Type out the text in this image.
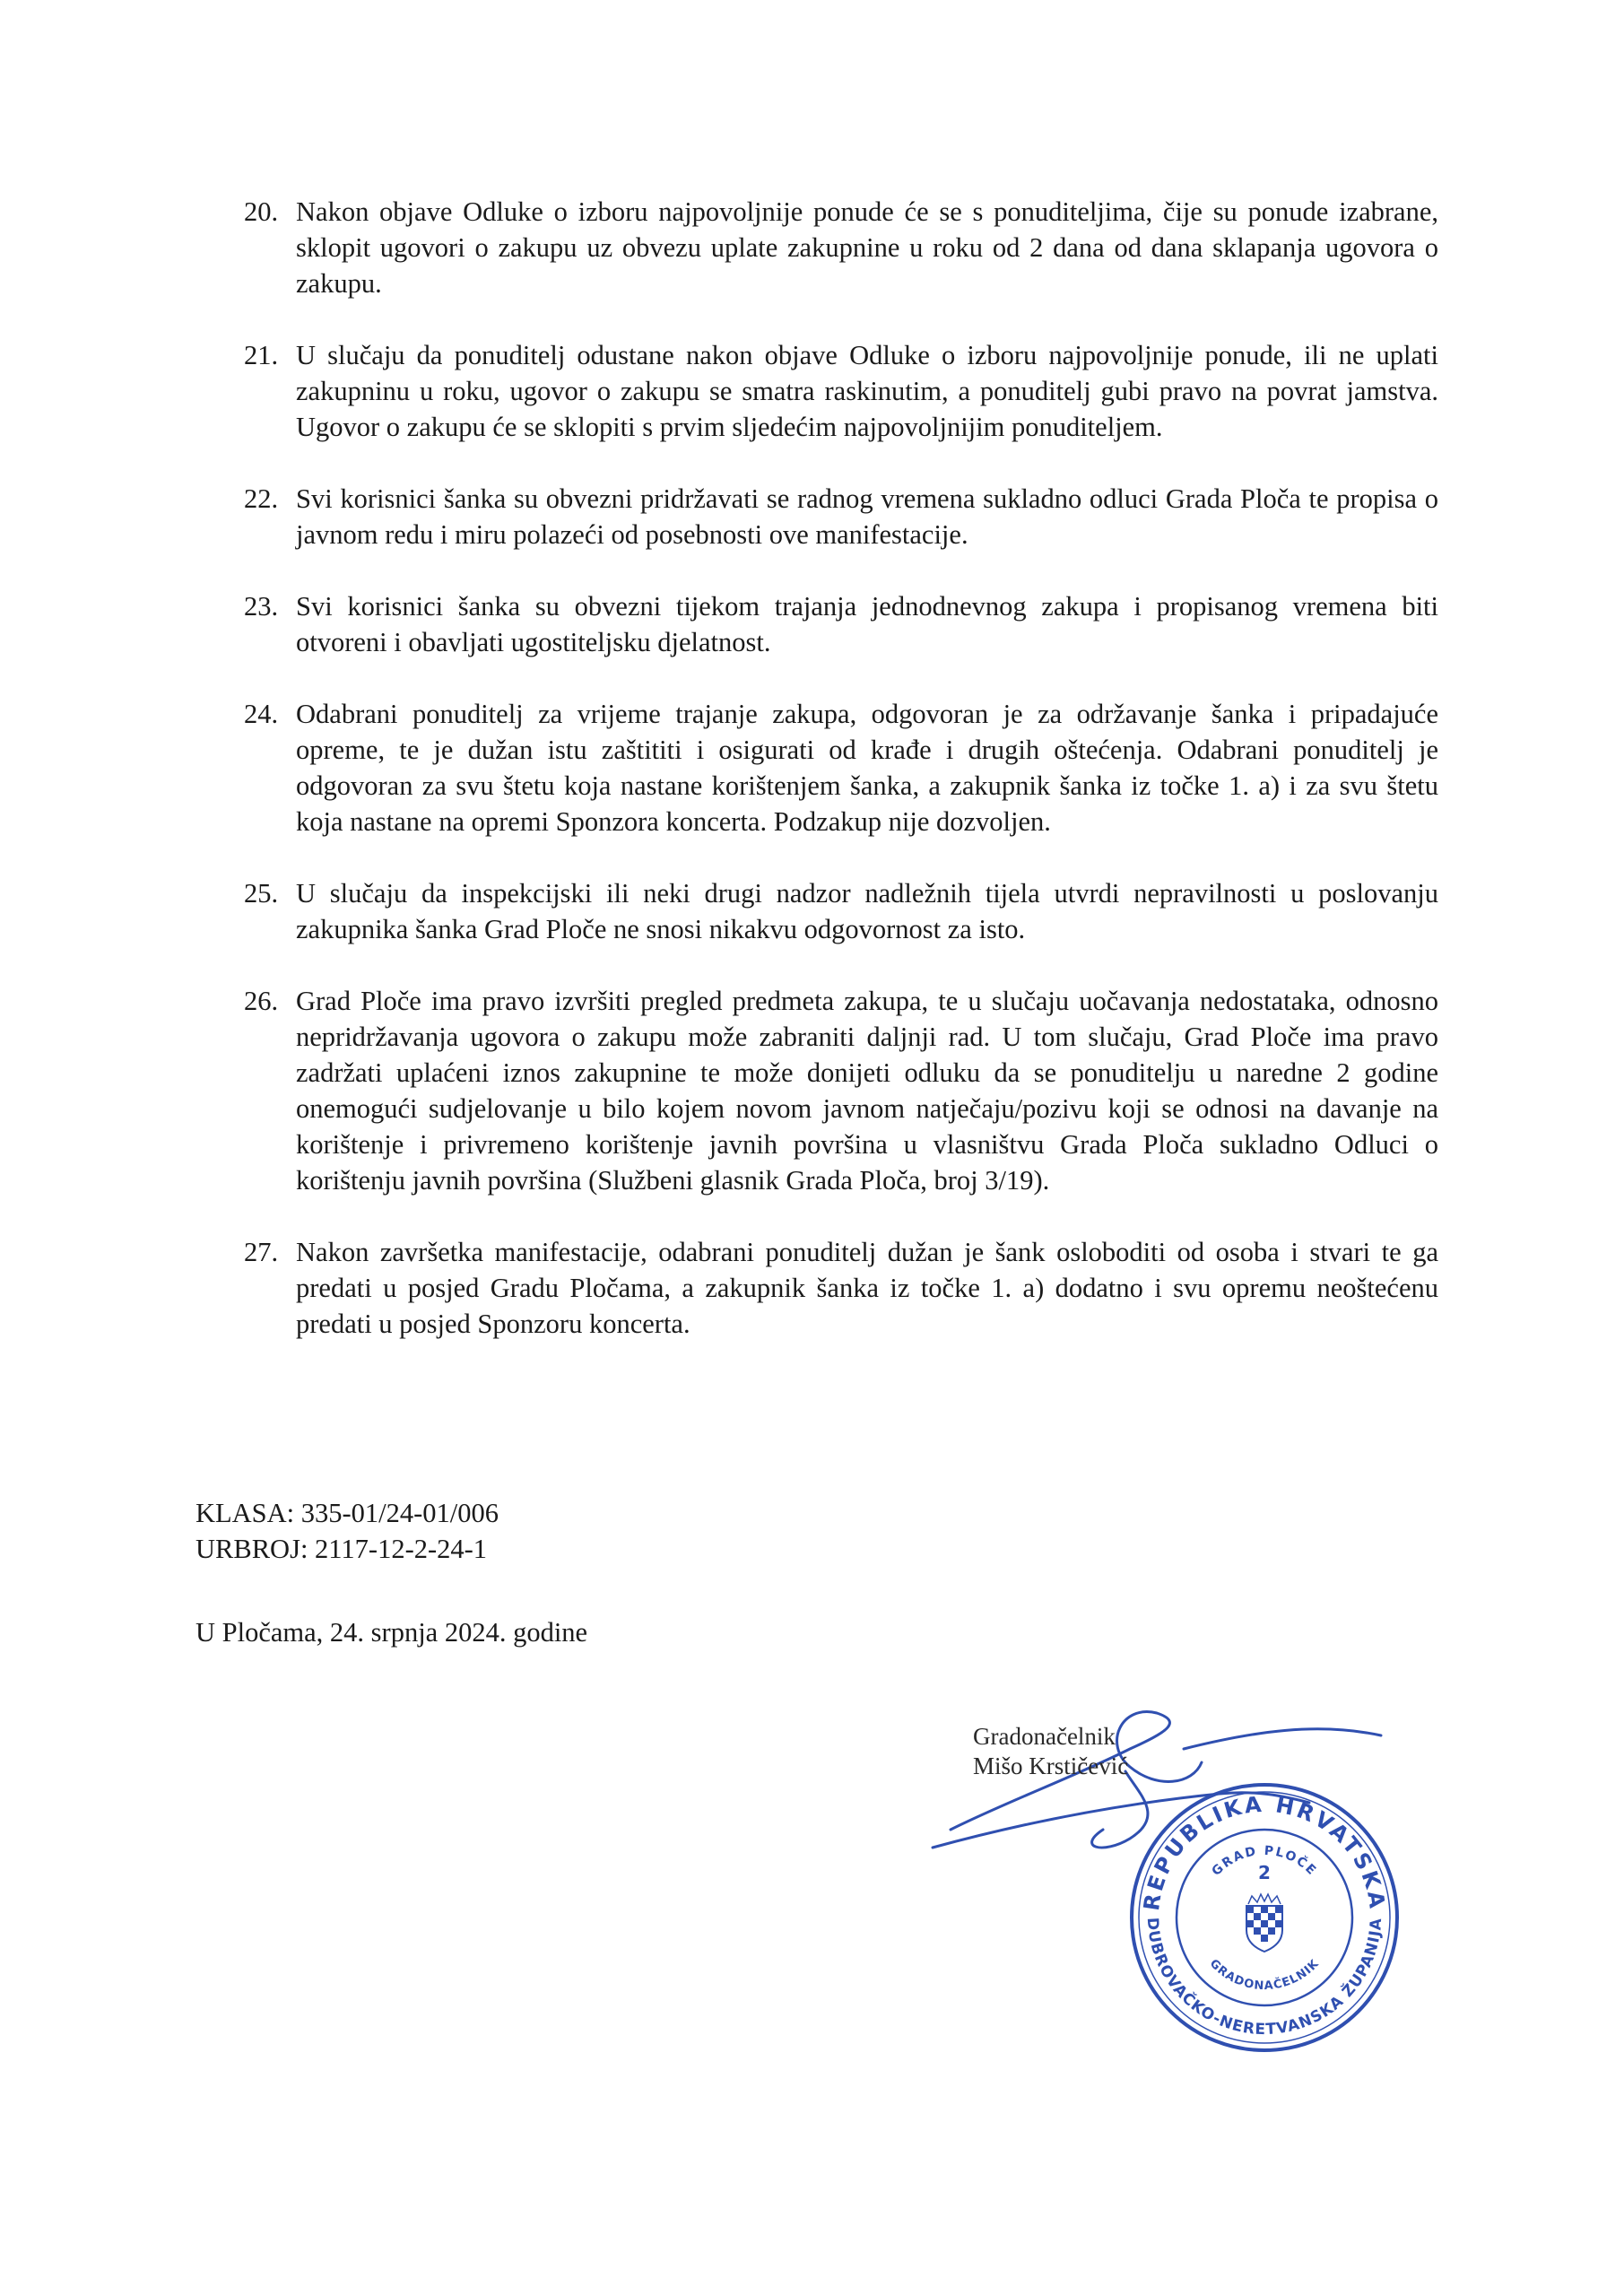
20. Nakon objave Odluke o izboru najpovoljnije ponude će se s ponuditeljima, čije su ponude izabrane, sklopit ugovori o zakupu uz obvezu uplate zakupnine u roku od 2 dana od dana sklapanja ugovora o zakupu.
21. U slučaju da ponuditelj odustane nakon objave Odluke o izboru najpovoljnije ponude, ili ne uplati zakupninu u roku, ugovor o zakupu se smatra raskinutim, a ponuditelj gubi pravo na povrat jamstva. Ugovor o zakupu će se sklopiti s prvim sljedećim najpovoljnijim ponuditeljem.
22. Svi korisnici šanka su obvezni pridržavati se radnog vremena sukladno odluci Grada Ploča te propisa o javnom redu i miru polazeći od posebnosti ove manifestacije.
23. Svi korisnici šanka su obvezni tijekom trajanja jednodnevnog zakupa i propisanog vremena biti otvoreni i obavljati ugostiteljsku djelatnost.
24. Odabrani ponuditelj za vrijeme trajanje zakupa, odgovoran je za održavanje šanka i pripadajuće opreme, te je dužan istu zaštititi i osigurati od krađe i drugih oštećenja. Odabrani ponuditelj je odgovoran za svu štetu koja nastane korištenjem šanka, a zakupnik šanka iz točke 1. a) i za svu štetu koja nastane na opremi Sponzora koncerta. Podzakup nije dozvoljen.
25. U slučaju da inspekcijski ili neki drugi nadzor nadležnih tijela utvrdi nepravilnosti u poslovanju zakupnika šanka Grad Ploče ne snosi nikakvu odgovornost za isto.
26. Grad Ploče ima pravo izvršiti pregled predmeta zakupa, te u slučaju uočavanja nedostataka, odnosno nepridržavanja ugovora o zakupu može zabraniti daljnji rad. U tom slučaju, Grad Ploče ima pravo zadržati uplaćeni iznos zakupnine te može donijeti odluku da se ponuditelju u naredne 2 godine onemogući sudjelovanje u bilo kojem novom javnom natječaju/pozivu koji se odnosi na davanje na korištenje i privremeno korištenje javnih površina u vlasništvu Grada Ploča sukladno Odluci o korištenju javnih površina (Službeni glasnik Grada Ploča, broj 3/19).
27. Nakon završetka manifestacije, odabrani ponuditelj dužan je šank osloboditi od osoba i stvari te ga predati u posjed Gradu Pločama, a zakupnik šanka iz točke 1. a) dodatno i svu opremu neoštećenu predati u posjed Sponzoru koncerta.
KLASA: 335-01/24-01/006
URBROJ: 2117-12-2-24-1
U Pločama, 24. srpnja 2024. godine
REPUBLIKA HRVATSKA
DUBROVAČKO-NERETVANSKA ŽUPANIJA
GRAD PLOČE
GRADONAČELNIK
2
Gradonačelnik
Mišo Krstičević
